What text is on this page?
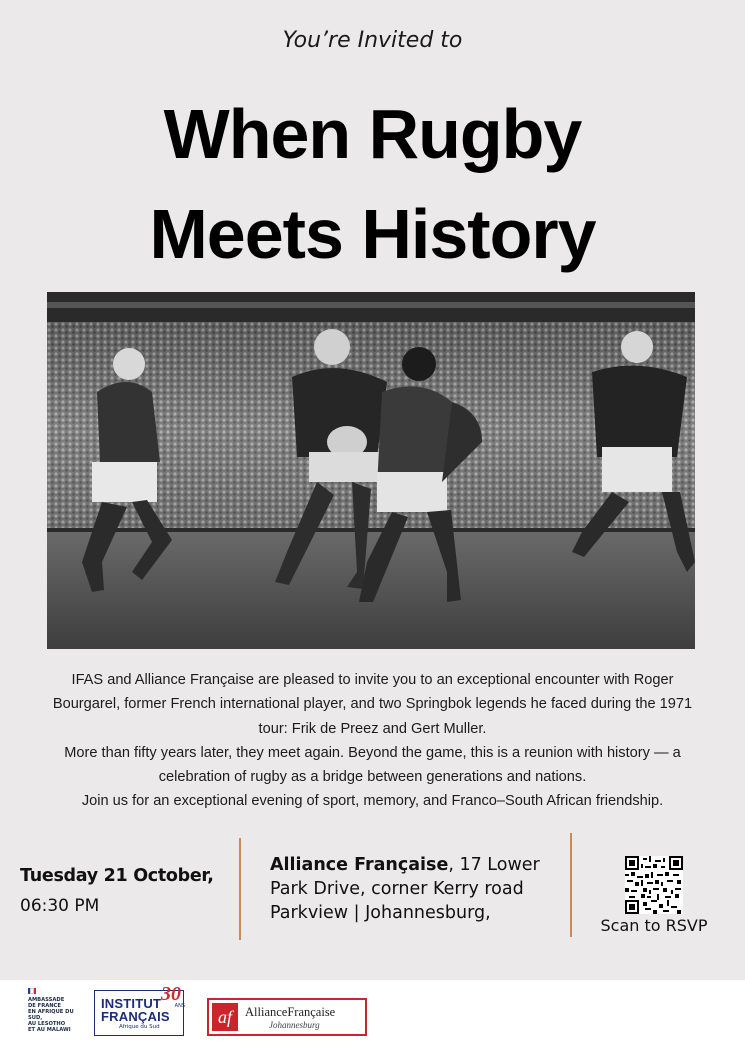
You’re Invited to
When Rugby
Meets History

IFAS and Alliance Française are pleased to invite you to an exceptional encounter with Roger Bourgarel, former French international player, and two Springbok legends he faced during the 1971 tour: Frik de Preez and Gert Muller.

More than fifty years later, they meet again. Beyond the game, this is a reunion with history — a celebration of rugby as a bridge between generations and nations.

Join us for an exceptional evening of sport, memory, and Franco–South African friendship.

Tuesday 21 October,
06:30 PM
Alliance Française, 17 Lower
Park Drive, corner Kerry road
Parkview | Johannesburg,
Scan to RSVP
AMBASSADE
DE FRANCE
EN AFRIQUE DU SUD,
AU LESOTHO
ET AU MALAWI
INSTITUT
FRANÇAIS
Afrique du Sud
30
ANS
af	AllianceFrançaise
Johannesburg
